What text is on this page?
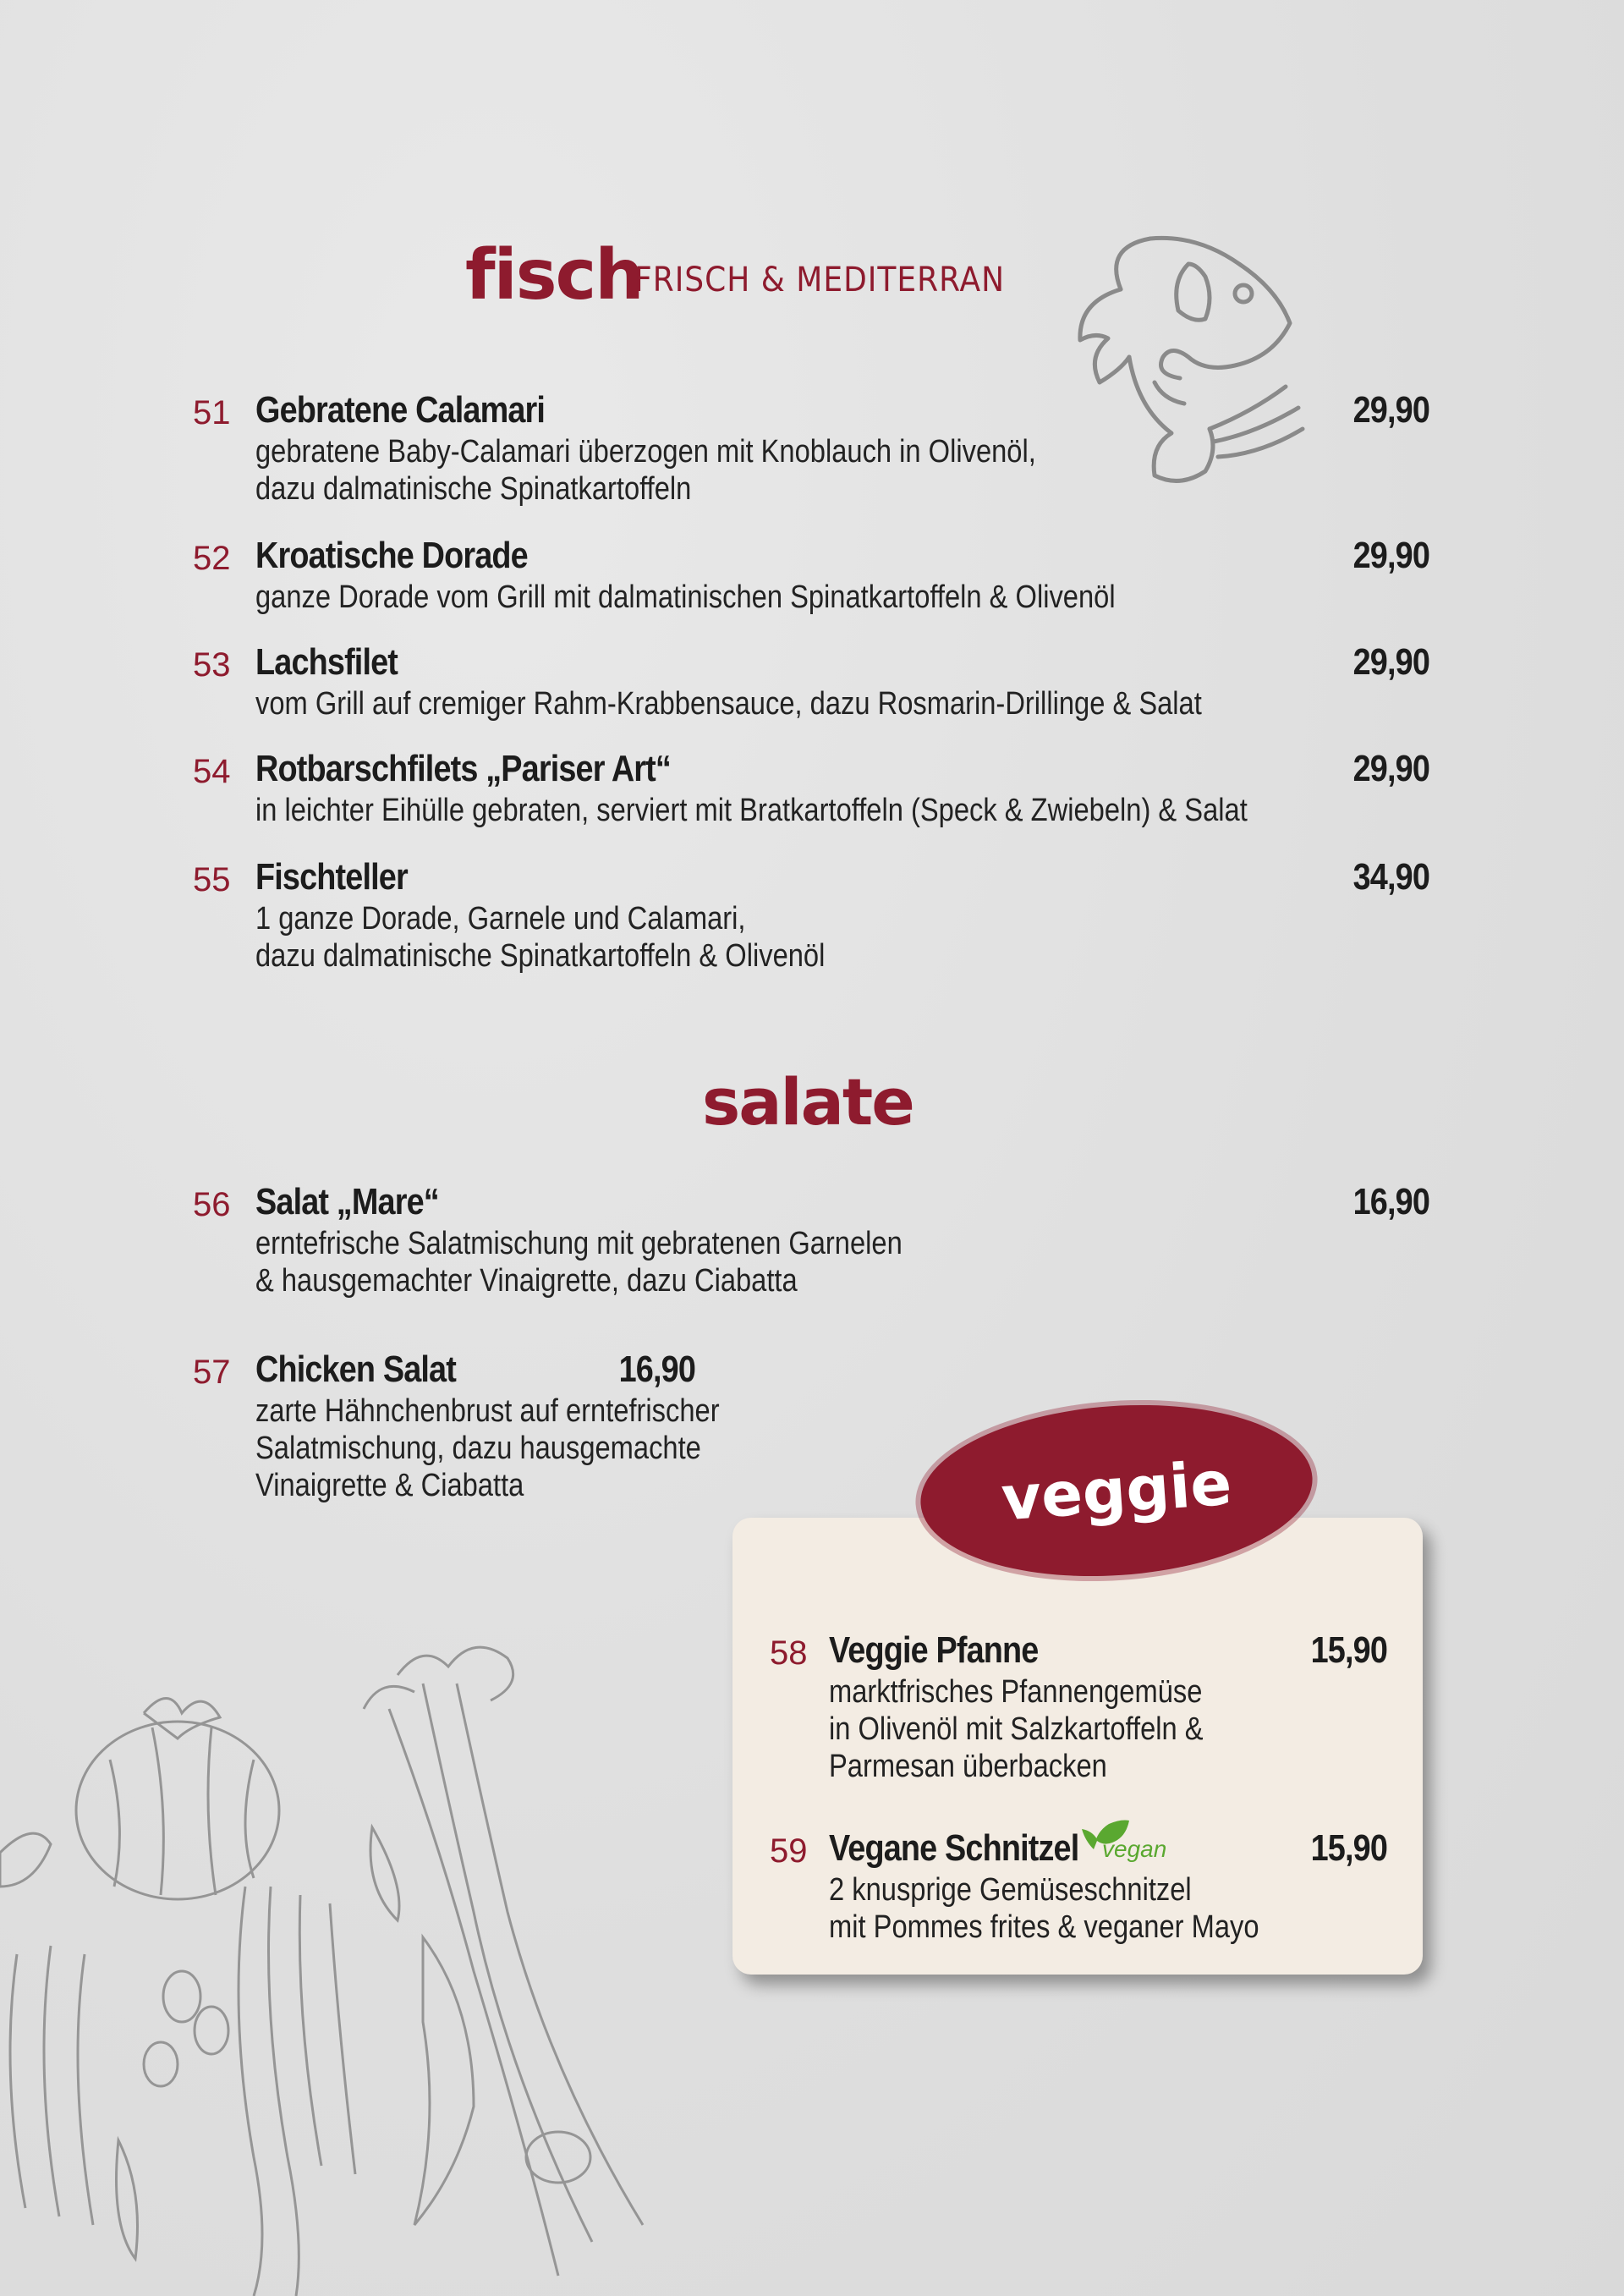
fisch
FRISCH & MEDITERRAN
51 Gebratene Calamari	29,90
gebratene Baby-Calamari überzogen mit Knoblauch in Olivenöl,
dazu dalmatinische Spinatkartoffeln
52 Kroatische Dorade	29,90
ganze Dorade vom Grill mit dalmatinischen Spinatkartoffeln & Olivenöl
53 Lachsfilet	29,90
vom Grill auf cremiger Rahm-Krabbensauce, dazu Rosmarin-Drillinge & Salat
54 Rotbarschfilets „Pariser Art“	29,90
in leichter Eihülle gebraten, serviert mit Bratkartoffeln (Speck & Zwiebeln) & Salat
55 Fischteller	34,90
1 ganze Dorade, Garnele und Calamari,
dazu dalmatinische Spinatkartoffeln & Olivenöl
salate
56 Salat „Mare“	16,90
erntefrische Salatmischung mit gebratenen Garnelen
& hausgemachter Vinaigrette, dazu Ciabatta
57 Chicken Salat	16,90
zarte Hähnchenbrust auf erntefrischer
Salatmischung, dazu hausgemachte
Vinaigrette & Ciabatta	veggie
58 Veggie Pfanne	15,90
marktfrisches Pfannengemüse
in Olivenöl mit Salzkartoffeln &
Parmesan überbacken
59 Vegane Schnitzel	15,90
2 knusprige Gemüseschnitzel
mit Pommes frites & veganer Mayo
vegan
